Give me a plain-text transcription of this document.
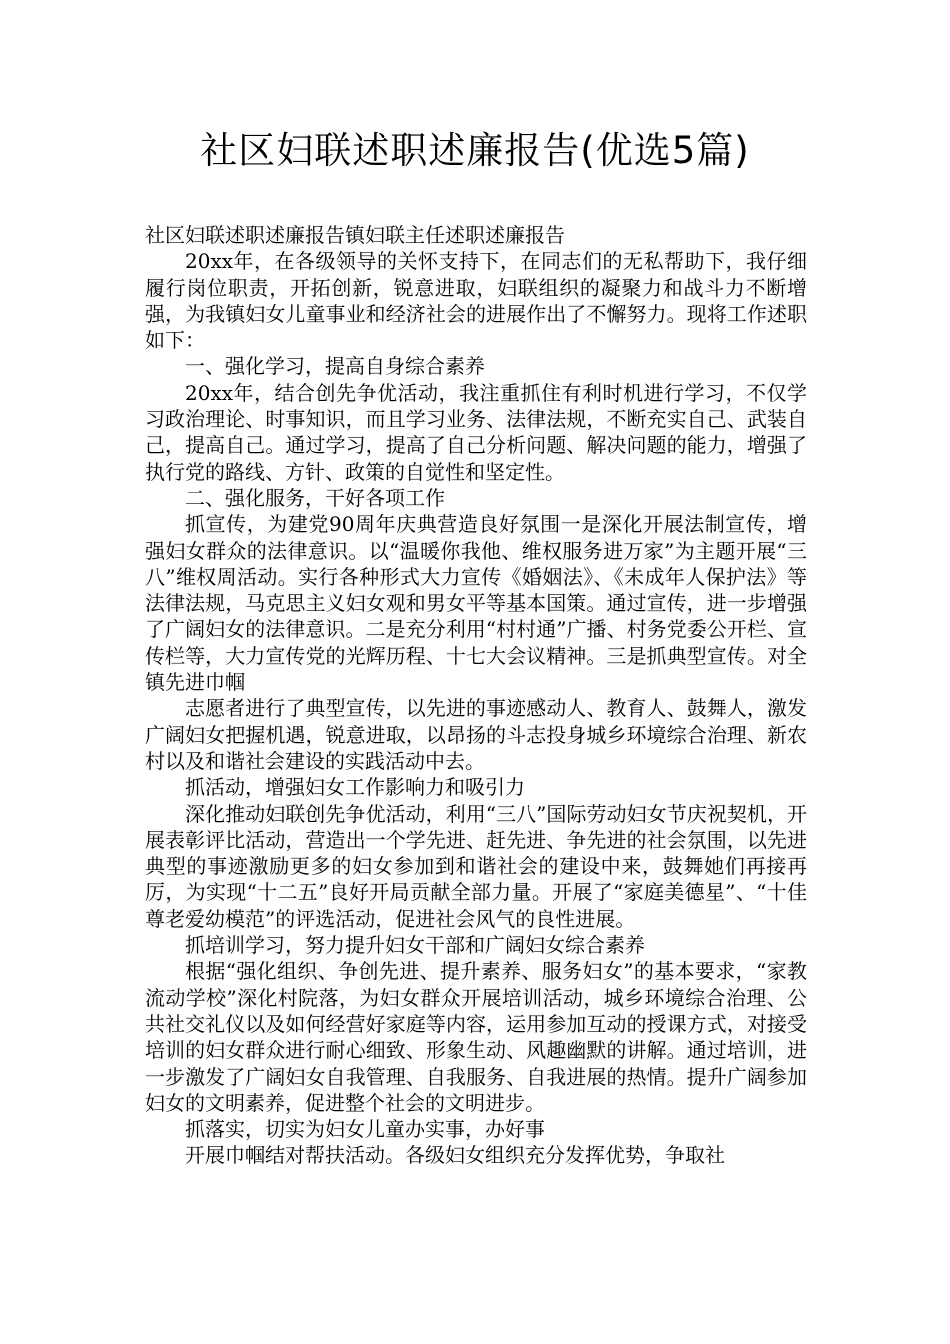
社区妇联述职述廉报告(优选5篇)

社区妇联述职述廉报告镇妇联主任述职述廉报告

20xx年，在各级领导的关怀支持下，在同志们的无私帮助下，我仔细履行岗位职责，开拓创新，锐意进取，妇联组织的凝聚力和战斗力不断增强，为我镇妇女儿童事业和经济社会的进展作出了不懈努力。现将工作述职如下：

一、强化学习，提高自身综合素养

20xx年，结合创先争优活动，我注重抓住有利时机进行学习，不仅学习政治理论、时事知识，而且学习业务、法律法规，不断充实自己、武装自己，提高自己。通过学习，提高了自己分析问题、解决问题的能力，增强了执行党的路线、方针、政策的自觉性和坚定性。

二、强化服务，干好各项工作

抓宣传，为建党90周年庆典营造良好氛围一是深化开展法制宣传，增强妇女群众的法律意识。以“温暖你我他、维权服务进万家”为主题开展“三八”维权周活动。实行各种形式大力宣传《婚姻法》、《未成年人保护法》等法律法规，马克思主义妇女观和男女平等基本国策。通过宣传，进一步增强了广阔妇女的法律意识。二是充分利用“村村通”广播、村务党委公开栏、宣传栏等，大力宣传党的光辉历程、十七大会议精神。三是抓典型宣传。对全镇先进巾帼

志愿者进行了典型宣传，以先进的事迹感动人、教育人、鼓舞人，激发广阔妇女把握机遇，锐意进取，以昂扬的斗志投身城乡环境综合治理、新农村以及和谐社会建设的实践活动中去。

抓活动，增强妇女工作影响力和吸引力

深化推动妇联创先争优活动，利用“三八”国际劳动妇女节庆祝契机，开展表彰评比活动，营造出一个学先进、赶先进、争先进的社会氛围，以先进典型的事迹激励更多的妇女参加到和谐社会的建设中来，鼓舞她们再接再厉，为实现“十二五”良好开局贡献全部力量。开展了“家庭美德星”、“十佳尊老爱幼模范”的评选活动，促进社会风气的良性进展。

抓培训学习，努力提升妇女干部和广阔妇女综合素养

根据“强化组织、争创先进、提升素养、服务妇女”的基本要求，“家教流动学校”深化村院落，为妇女群众开展培训活动，城乡环境综合治理、公共社交礼仪以及如何经营好家庭等内容，运用参加互动的授课方式，对接受培训的妇女群众进行耐心细致、形象生动、风趣幽默的讲解。通过培训，进一步激发了广阔妇女自我管理、自我服务、自我进展的热情。提升广阔参加妇女的文明素养，促进整个社会的文明进步。

抓落实，切实为妇女儿童办实事，办好事

开展巾帼结对帮扶活动。各级妇女组织充分发挥优势，争取社
